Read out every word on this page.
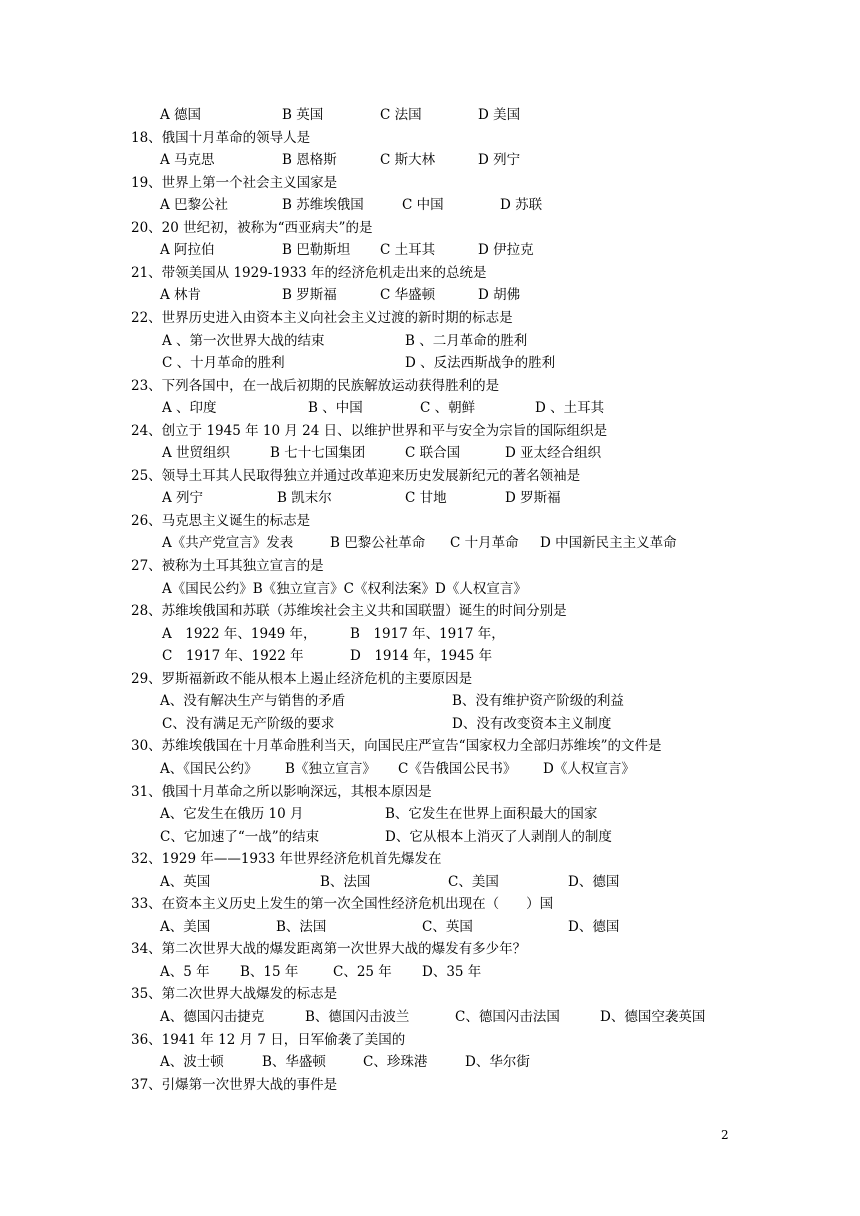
A 德国	B 英国	C 法国	D 美国
18、俄国十月革命的领导人是
A 马克思	B 恩格斯	C 斯大林	D 列宁
19、世界上第一个社会主义国家是
A 巴黎公社	B 苏维埃俄国	C 中国	D 苏联
20、20 世纪初，被称为“西亚病夫”的是
A 阿拉伯	B 巴勒斯坦 C 土耳其	D 伊拉克
21、带领美国从 1929-1933 年的经济危机走出来的总统是
A 林肯	B 罗斯福	C 华盛顿	D 胡佛
22、世界历史进入由资本主义向社会主义过渡的新时期的标志是
A 、第一次世界大战的结束	B 、二月革命的胜利
C 、十月革命的胜利	D 、反法西斯战争的胜利
23、下列各国中，在一战后初期的民族解放运动获得胜利的是
A 、印度	B 、中国	C 、朝鲜	D 、土耳其
24、创立于 1945 年 10 月 24 日、以维护世界和平与安全为宗旨的国际组织是
A 世贸组织	B 七十七国集团	C 联合国	D 亚太经合组织
25、领导土耳其人民取得独立并通过改革迎来历史发展新纪元的著名领袖是
A 列宁	B 凯末尔	C 甘地	D 罗斯福
26、马克思主义诞生的标志是
A《共产党宣言》发表	B 巴黎公社革命 C 十月革命 D 中国新民主主义革命
27、被称为土耳其独立宣言的是
A《国民公约》B《独立宣言》C《权利法案》D《人权宣言》
28、苏维埃俄国和苏联（苏维埃社会主义共和国联盟）诞生的时间分别是
A　1922 年、1949 年， B　1917 年、1917 年，
C　1917 年、1922 年	D　1914 年，1945 年
29、罗斯福新政不能从根本上遏止经济危机的主要原因是
A、没有解决生产与销售的矛盾	B、没有维护资产阶级的利益
C、没有满足无产阶级的要求	D、没有改变资本主义制度
30、苏维埃俄国在十月革命胜利当天，向国民庄严宣告“国家权力全部归苏维埃”的文件是
A、《国民公约》 B《独立宣言》 C《告俄国公民书》 D《人权宣言》
31、俄国十月革命之所以影响深远，其根本原因是
A、它发生在俄历 10 月	B、它发生在世界上面积最大的国家
C、它加速了“一战”的结束	D、它从根本上消灭了人剥削人的制度
32、1929 年——1933 年世界经济危机首先爆发在
A、英国	B、法国	C、美国	D、德国
33、在资本主义历史上发生的第一次全国性经济危机出现在（　　）国
A、美国	B、法国	C、英国	D、德国
34、第二次世界大战的爆发距离第一次世界大战的爆发有多少年？
A、5 年 B、15 年	C、25 年 D、35 年
35、第二次世界大战爆发的标志是
A、德国闪击捷克	B、德国闪击波兰	C、德国闪击法国	D、德国空袭英国
36、1941 年 12 月 7 日，日军偷袭了美国的
A、波士顿	B、华盛顿	C、珍珠港	D、华尔街
37、引爆第一次世界大战的事件是
2
